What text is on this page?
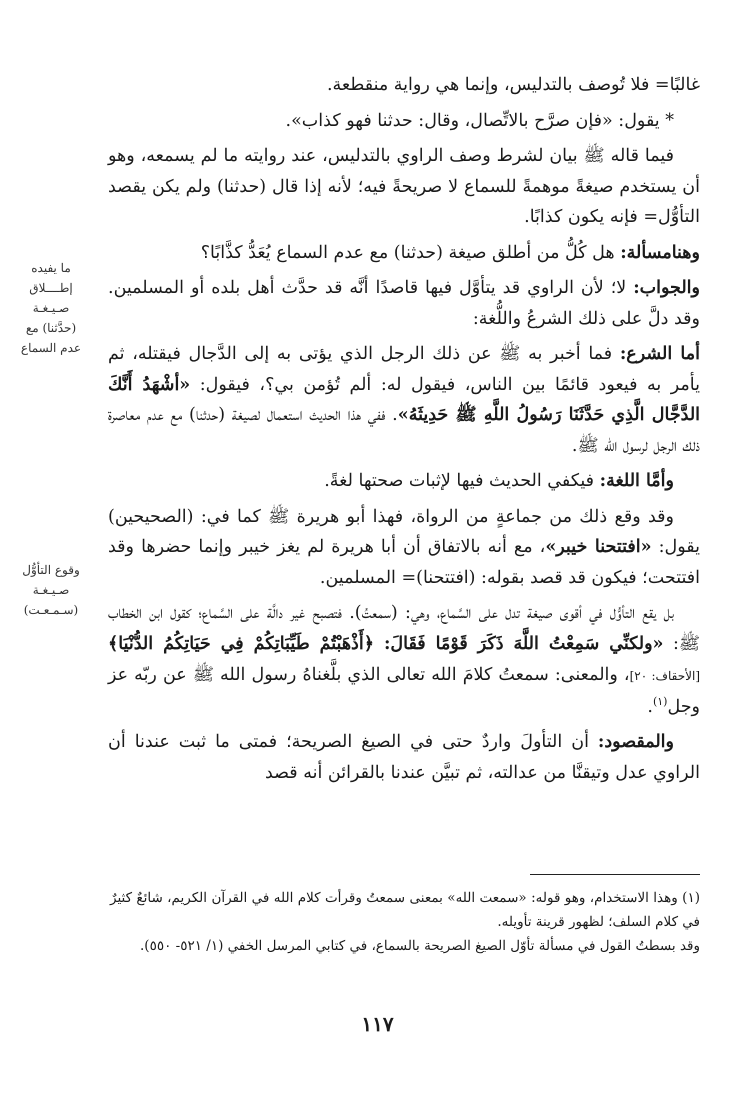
غالبًا= فلا تُوصف بالتدليس، وإنما هي رواية منقطعة.

* يقول: «فإن صرَّح بالاتِّصال، وقال: حدثنا فهو كذاب».

فيما قاله ﷺ بيان لشرط وصف الراوي بالتدليس، عند روايته ما لم يسمعه، وهو أن يستخدم صيغةً موهمةً للسماع لا صريحةً فيه؛ لأنه إذا قال (حدثنا) ولم يكن يقصد التأوُّل= فإنه يكون كذابًا.

وهنامسألة: هل كُلُّ من أطلق صيغة (حدثنا) مع عدم السماع يُعَدُّ كذَّابًا؟

والجواب: لا؛ لأن الراوي قد يتأوَّل فيها قاصدًا أنَّه قد حدَّث أهل بلده أو المسلمين. وقد دلَّ على ذلك الشرعُ واللُّغة:

أما الشرع: فما أخبر به ﷺ عن ذلك الرجل الذي يؤتى به إلى الدَّجال فيقتله، ثم يأمر به فيعود قائمًا بين الناس، فيقول له: ألم تُؤمن بي؟، فيقول: «أشْهَدُ أَنَّكَ الدَّجَّال الَّذِي حَدَّثَنَا رَسُولُ اللَّهِ ﷺ حَدِيثَهُ». ففي هذا الحديث استعمال لصيغة (حدثنا) مع عدم معاصرة ذلك الرجل لرسول الله ﷺ.

وأمَّا اللغة: فيكفي الحديث فيها لإثبات صحتها لغةً.

وقد وقع ذلك من جماعةٍ من الرواة، فهذا أبو هريرة ﷺ كما في: (الصحيحين) يقول: «افتتحنا خيبر»، مع أنه بالاتفاق أن أبا هريرة لم يغز خيبر وإنما حضرها وقد افتتحت؛ فيكون قد قصد بقوله: (افتتحنا)= المسلمين.

بل يقع التأوُّل في أقوى صيغة تدل على السَّماع، وهي: (سمعتُ). فتصبح غير دالَّة على السَّماع؛ كقول ابن الخطاب ﷺ: «ولكنِّي سَمِعْتُ اللَّهَ ذَكَرَ قَوْمًا فَقَالَ: ﴿أَذْهَبْتُمْ طَيِّبَاتِكُمْ فِي حَيَاتِكُمُ الدُّنْيَا﴾ [الأحقاف: ٢٠]، والمعنى: سمعتُ كلامَ الله تعالى الذي بلَّغناهُ رسول الله ﷺ عن ربّه عز وجل$^{(١)}$.

والمقصود: أن التأولَ واردٌ حتى في الصيغ الصريحة؛ فمتى ما ثبت عندنا أن الراوي عدل وتيقنَّا من عدالته، ثم تبيَّن عندنا بالقرائن أنه قصد

ما يفيده إطــــلاق صـيـغـة (حدَّثنا) مع عدم السماع
وقوع التأوُّل صـيـغـة (سـمـعـت)

(١) وهذا الاستخدام، وهو قوله: «سمعت الله» بمعنى سمعتُ وقرأت كلام الله في القرآن الكريم، شائعٌ كثيرٌ في كلام السلف؛ لظهور قرينة تأويله.

وقد بسطتُ القول في مسألة تأوّل الصيغ الصريحة بالسماع، في كتابي المرسل الخفي (١/ ٥٢١- ٥٥٠).

١١٧
